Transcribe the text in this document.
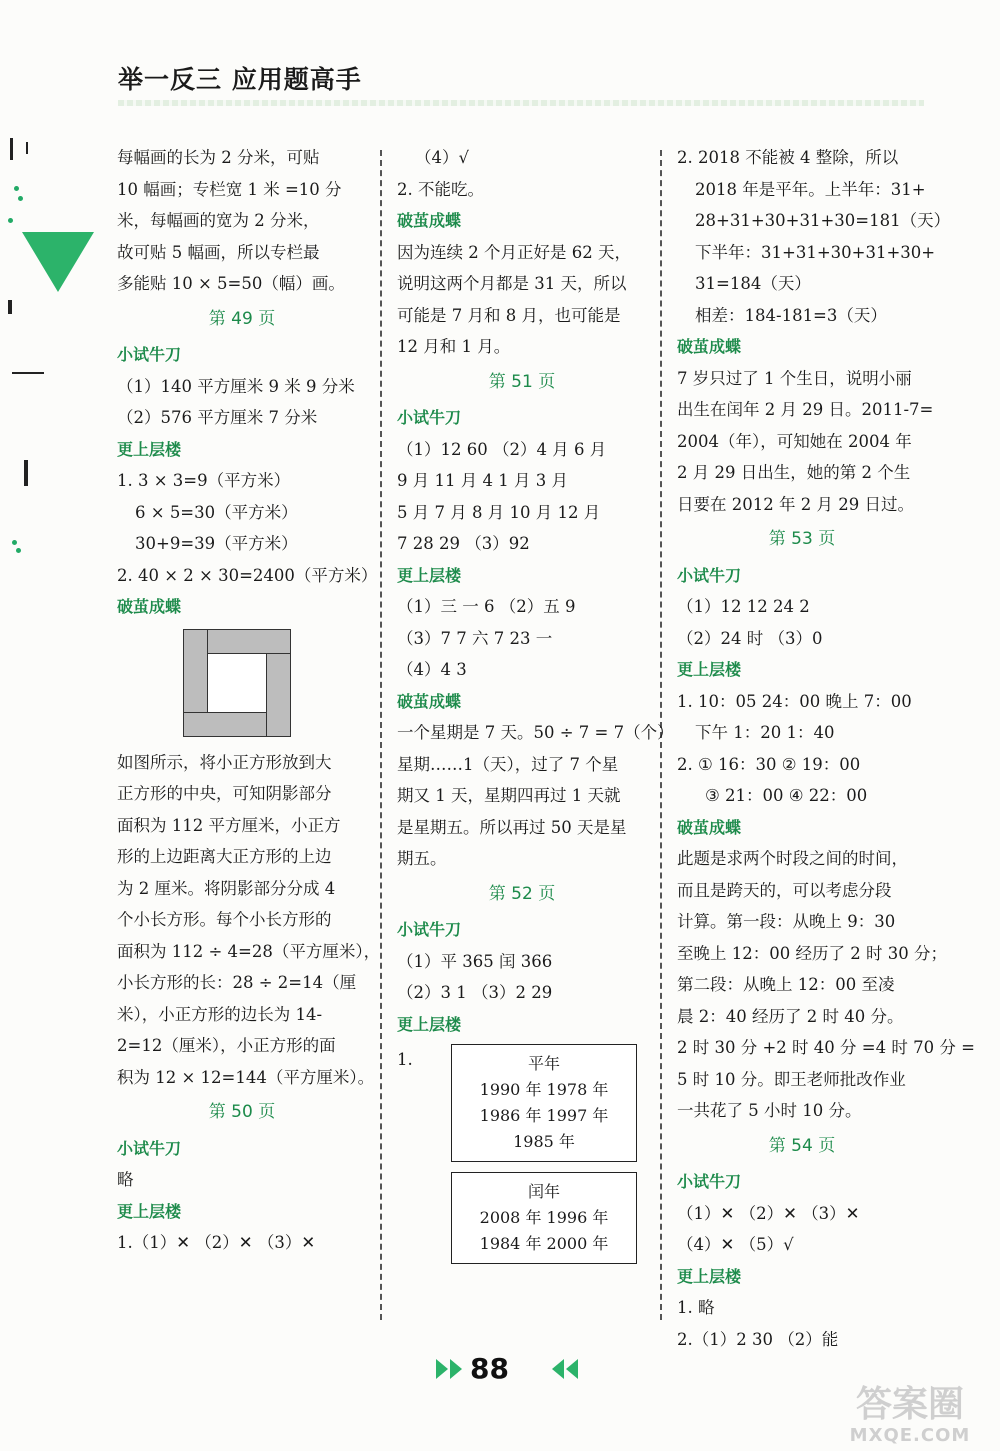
举一反三 应用题高手
每幅画的长为 2 分米，可贴
10 幅画；专栏宽 1 米 =10 分
米，每幅画的宽为 2 分米，
故可贴 5 幅画，所以专栏最
多能贴 10 × 5=50（幅）画。
第 49 页
小试牛刀
（1）140 平方厘米 9 米 9 分米
（2）576 平方厘米 7 分米
更上层楼
1. 3 × 3=9（平方米）
6 × 5=30（平方米）
30+9=39（平方米）
2. 40 × 2 × 30=2400（平方米）
破茧成蝶
如图所示，将小正方形放到大
正方形的中央，可知阴影部分
面积为 112 平方厘米，小正方
形的上边距离大正方形的上边
为 2 厘米。将阴影部分分成 4
个小长方形。每个小长方形的
面积为 112 ÷ 4=28（平方厘米），
小长方形的长：28 ÷ 2=14（厘
米），小正方形的边长为 14-
2=12（厘米），小正方形的面
积为 12 × 12=144（平方厘米）。
第 50 页
小试牛刀
略
更上层楼
1.（1）✕ （2）✕ （3）✕
（4）√
2. 不能吃。
破茧成蝶
因为连续 2 个月正好是 62 天，
说明这两个月都是 31 天，所以
可能是 7 月和 8 月，也可能是
12 月和 1 月。
第 51 页
小试牛刀
（1）12 60 （2）4 月 6 月
9 月 11 月 4 1 月 3 月
5 月 7 月 8 月 10 月 12 月
7 28 29 （3）92
更上层楼
（1）三 一 6 （2）五 9
（3）7 7 六 7 23 一
（4）4 3
破茧成蝶
一个星期是 7 天。50 ÷ 7 = 7（个）
星期……1（天），过了 7 个星
期又 1 天，星期四再过 1 天就
是星期五。所以再过 50 天是星
期五。
第 52 页
小试牛刀
（1）平 365 闰 366
（2）3 1 （3）2 29
更上层楼
1.	平年
1990 年 1978 年
1986 年 1997 年
1985 年
闰年
2008 年 1996 年
1984 年 2000 年
2. 2018 不能被 4 整除，所以
2018 年是平年。上半年：31+
28+31+30+31+30=181（天）
下半年：31+31+30+31+30+
31=184（天）
相差：184-181=3（天）
破茧成蝶
7 岁只过了 1 个生日，说明小丽
出生在闰年 2 月 29 日。2011-7=
2004（年），可知她在 2004 年
2 月 29 日出生，她的第 2 个生
日要在 2012 年 2 月 29 日过。
第 53 页
小试牛刀
（1）12 12 24 2
（2）24 时 （3）0
更上层楼
1. 10：05 24：00 晚上 7：00
下午 1：20 1：40
2. ① 16：30 ② 19：00
③ 21：00 ④ 22：00
破茧成蝶
此题是求两个时段之间的时间，
而且是跨天的，可以考虑分段
计算。第一段：从晚上 9：30
至晚上 12：00 经历了 2 时 30 分；
第二段：从晚上 12：00 至凌
晨 2：40 经历了 2 时 40 分。
2 时 30 分 +2 时 40 分 =4 时 70 分 =
5 时 10 分。即王老师批改作业
一共花了 5 小时 10 分。
第 54 页
小试牛刀
（1）✕ （2）✕ （3）✕
（4）✕ （5）√
更上层楼
1. 略
2.（1）2 30 （2）能
88
答案圈
MXQE.COM
